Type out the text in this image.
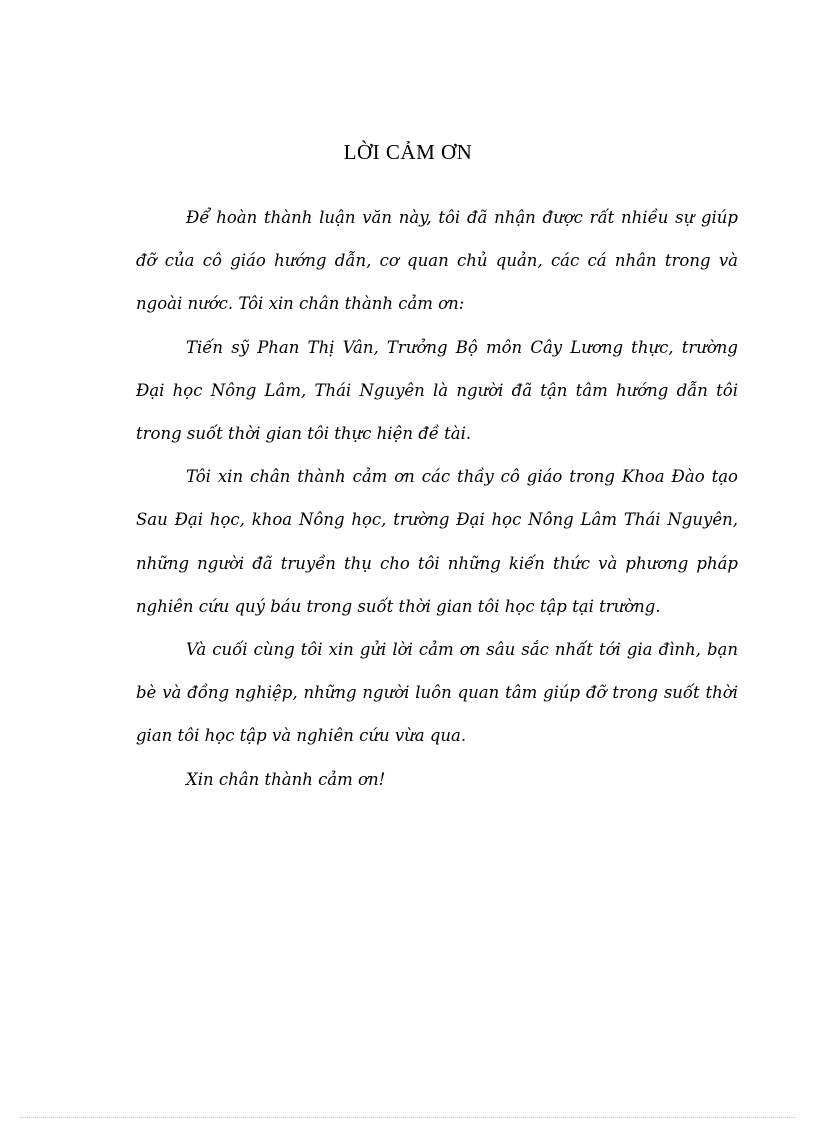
LỜI CẢM ƠN

Để hoàn thành luận văn này, tôi đã nhận được rất nhiều sự giúp đỡ của cô giáo hướng dẫn, cơ quan chủ quản, các cá nhân trong và ngoài nước. Tôi xin chân thành cảm ơn:

Tiến sỹ Phan Thị Vân, Trưởng Bộ môn Cây Lương thực, trường Đại học Nông Lâm, Thái Nguyên là người đã tận tâm hướng dẫn tôi trong suốt thời gian tôi thực hiện đề tài.

Tôi xin chân thành cảm ơn các thầy cô giáo trong Khoa Đào tạo Sau Đại học, khoa Nông học, trường Đại học Nông Lâm Thái Nguyên, những người đã truyền thụ cho tôi những kiến thức và phương pháp nghiên cứu quý báu trong suốt thời gian tôi học tập tại trường.

Và cuối cùng tôi xin gửi lời cảm ơn sâu sắc nhất tới gia đình, bạn bè và đồng nghiệp, những người luôn quan tâm giúp đỡ trong suốt thời gian tôi học tập và nghiên cứu vừa qua.

Xin chân thành cảm ơn!
